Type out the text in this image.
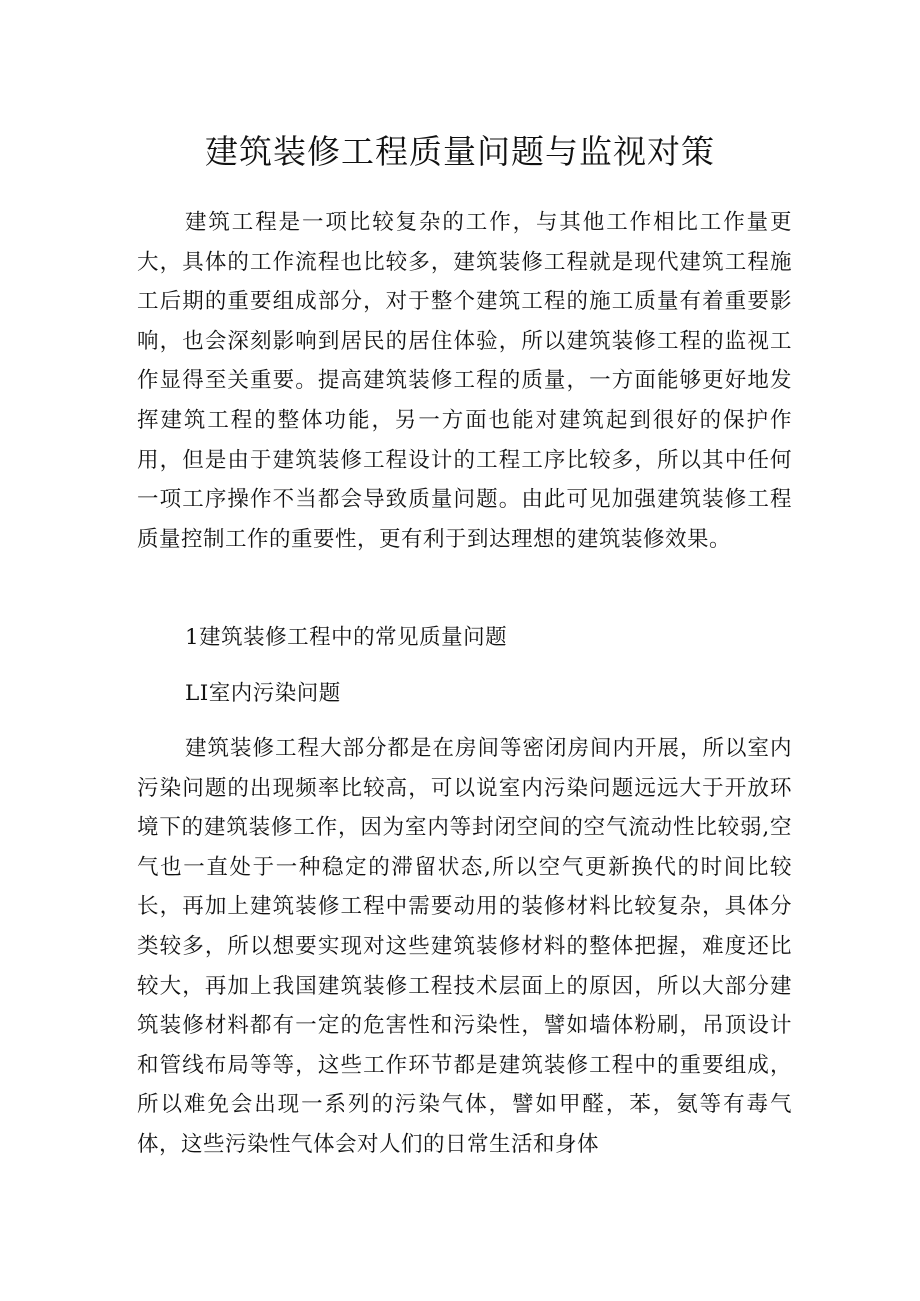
建筑装修工程质量问题与监视对策

建筑工程是一项比较复杂的工作，与其他工作相比工作量更大，具体的工作流程也比较多，建筑装修工程就是现代建筑工程施工后期的重要组成部分，对于整个建筑工程的施工质量有着重要影响，也会深刻影响到居民的居住体验，所以建筑装修工程的监视工作显得至关重要。提高建筑装修工程的质量，一方面能够更好地发挥建筑工程的整体功能，另一方面也能对建筑起到很好的保护作用，但是由于建筑装修工程设计的工程工序比较多，所以其中任何一项工序操作不当都会导致质量问题。由此可见加强建筑装修工程质量控制工作的重要性，更有利于到达理想的建筑装修效果。

1建筑装修工程中的常见质量问题

LI室内污染问题

建筑装修工程大部分都是在房间等密闭房间内开展，所以室内污染问题的出现频率比较高，可以说室内污染问题远远大于开放环境下的建筑装修工作，因为室内等封闭空间的空气流动性比较弱,空气也一直处于一种稳定的滞留状态,所以空气更新换代的时间比较长，再加上建筑装修工程中需要动用的装修材料比较复杂，具体分类较多，所以想要实现对这些建筑装修材料的整体把握，难度还比较大，再加上我国建筑装修工程技术层面上的原因，所以大部分建筑装修材料都有一定的危害性和污染性，譬如墙体粉刷，吊顶设计和管线布局等等，这些工作环节都是建筑装修工程中的重要组成，所以难免会出现一系列的污染气体，譬如甲醛，苯，氨等有毒气体，这些污染性气体会对人们的日常生活和身体
